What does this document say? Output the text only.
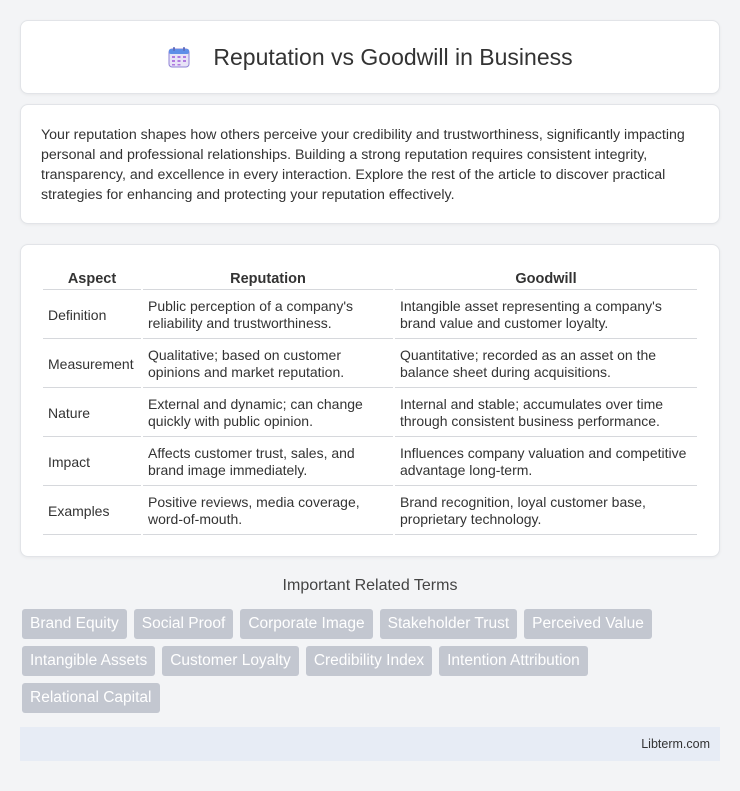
Reputation vs Goodwill in Business

Your reputation shapes how others perceive your credibility and trustworthiness, significantly impacting personal and professional relationships. Building a strong reputation requires consistent integrity, transparency, and excellence in every interaction. Explore the rest of the article to discover practical strategies for enhancing and protecting your reputation effectively.

Aspect	Reputation	Goodwill
Definition	Public perception of a company's reliability and trustworthiness.	Intangible asset representing a company's brand value and customer loyalty.
Measurement	Qualitative; based on customer opinions and market reputation.	Quantitative; recorded as an asset on the balance sheet during acquisitions.
Nature	External and dynamic; can change quickly with public opinion.	Internal and stable; accumulates over time through consistent business performance.
Impact	Affects customer trust, sales, and brand image immediately.	Influences company valuation and competitive advantage long-term.
Examples	Positive reviews, media coverage, word-of-mouth.	Brand recognition, loyal customer base, proprietary technology.
Important Related Terms
Brand Equity	Social Proof	Corporate Image	Stakeholder Trust	Perceived Value
Intangible Assets	Customer Loyalty	Credibility Index	Intention Attribution
Relational Capital
Libterm.com
